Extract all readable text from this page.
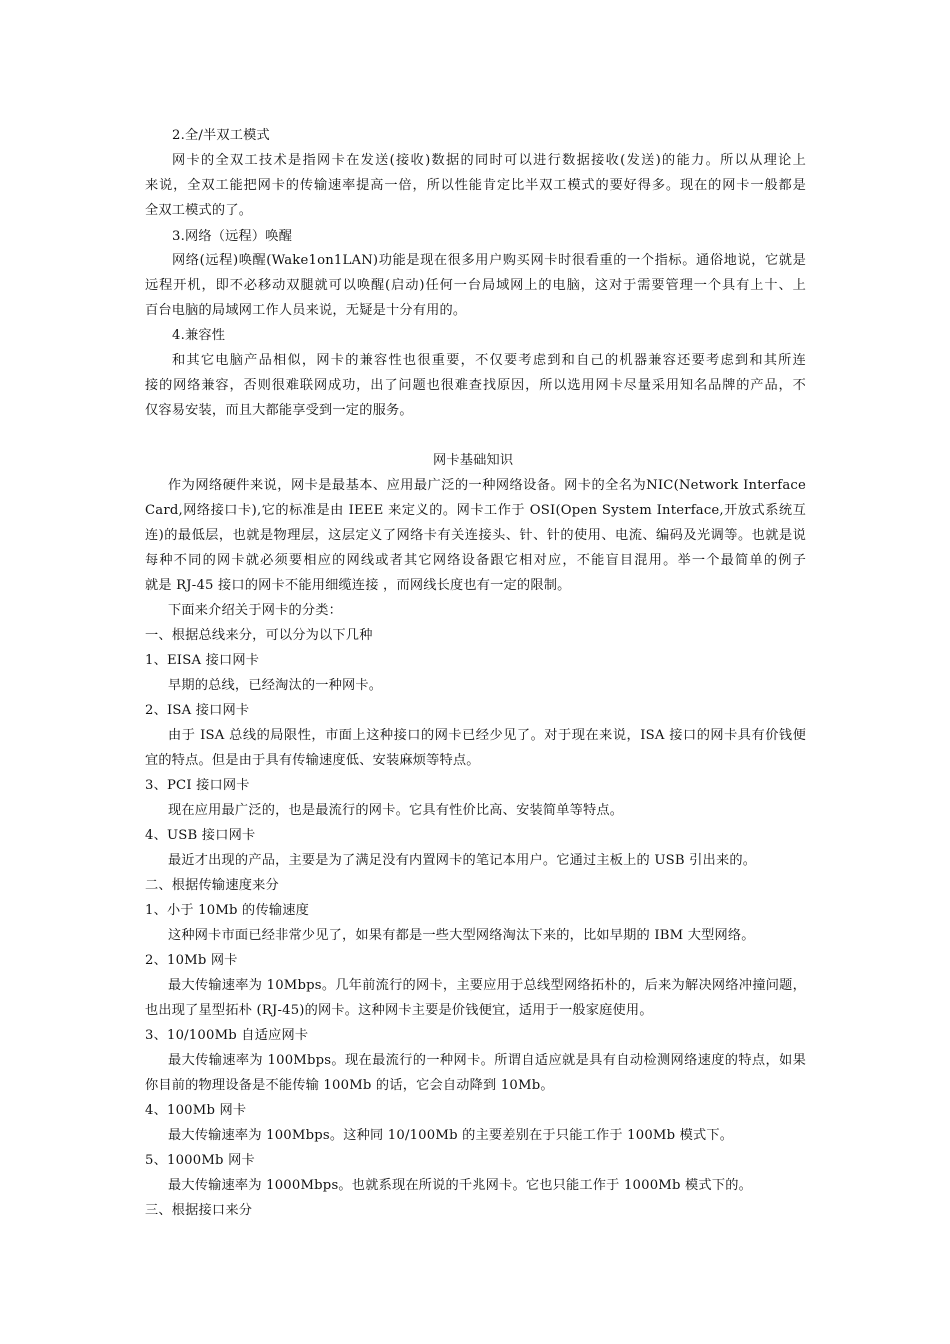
2.全/半双工模式
网卡的全双工技术是指网卡在发送(接收)数据的同时可以进行数据接收(发送)的能力。所以从理论上
来说，全双工能把网卡的传输速率提高一倍，所以性能肯定比半双工模式的要好得多。现在的网卡一般都是
全双工模式的了。
3.网络（远程）唤醒
网络(远程)唤醒(Wake1on1LAN)功能是现在很多用户购买网卡时很看重的一个指标。通俗地说，它就是
远程开机，即不必移动双腿就可以唤醒(启动)任何一台局域网上的电脑，这对于需要管理一个具有上十、上
百台电脑的局域网工作人员来说，无疑是十分有用的。
4.兼容性
和其它电脑产品相似，网卡的兼容性也很重要，不仅要考虑到和自己的机器兼容还要考虑到和其所连
接的网络兼容，否则很难联网成功，出了问题也很难查找原因，所以选用网卡尽量采用知名品牌的产品，不
仅容易安装，而且大都能享受到一定的服务。
网卡基础知识
作为网络硬件来说，网卡是最基本、应用最广泛的一种网络设备。网卡的全名为NIC(Network Interface
Card,网络接口卡),它的标准是由 IEEE 来定义的。网卡工作于 OSI(Open System Interface,开放式系统互
连)的最低层，也就是物理层，这层定义了网络卡有关连接头、针、针的使用、电流、编码及光调等。也就是说
每种不同的网卡就必须要相应的网线或者其它网络设备跟它相对应，不能盲目混用。举一个最简单的例子
就是 RJ-45 接口的网卡不能用细缆连接 ，而网线长度也有一定的限制。
下面来介绍关于网卡的分类：
一、根据总线来分，可以分为以下几种
1、EISA 接口网卡
早期的总线，已经淘汰的一种网卡。
2、ISA 接口网卡
由于 ISA 总线的局限性，市面上这种接口的网卡已经少见了。对于现在来说，ISA 接口的网卡具有价钱便
宜的特点。但是由于具有传输速度低、安装麻烦等特点。
3、PCI 接口网卡
现在应用最广泛的，也是最流行的网卡。它具有性价比高、安装简单等特点。
4、USB 接口网卡
最近才出现的产品，主要是为了满足没有内置网卡的笔记本用户。它通过主板上的 USB 引出来的。
二、根据传输速度来分
1、小于 10Mb 的传输速度
这种网卡市面已经非常少见了，如果有都是一些大型网络淘汰下来的，比如早期的 IBM 大型网络。
2、10Mb 网卡
最大传输速率为 10Mbps。几年前流行的网卡，主要应用于总线型网络拓朴的，后来为解决网络冲撞问题，
也出现了星型拓朴 (RJ-45)的网卡。这种网卡主要是价钱便宜，适用于一般家庭使用。
3、10/100Mb 自适应网卡
最大传输速率为 100Mbps。现在最流行的一种网卡。所谓自适应就是具有自动检测网络速度的特点，如果
你目前的物理设备是不能传输 100Mb 的话，它会自动降到 10Mb。
4、100Mb 网卡
最大传输速率为 100Mbps。这种同 10/100Mb 的主要差别在于只能工作于 100Mb 模式下。
5、1000Mb 网卡
最大传输速率为 1000Mbps。也就系现在所说的千兆网卡。它也只能工作于 1000Mb 模式下的。
三、根据接口来分
